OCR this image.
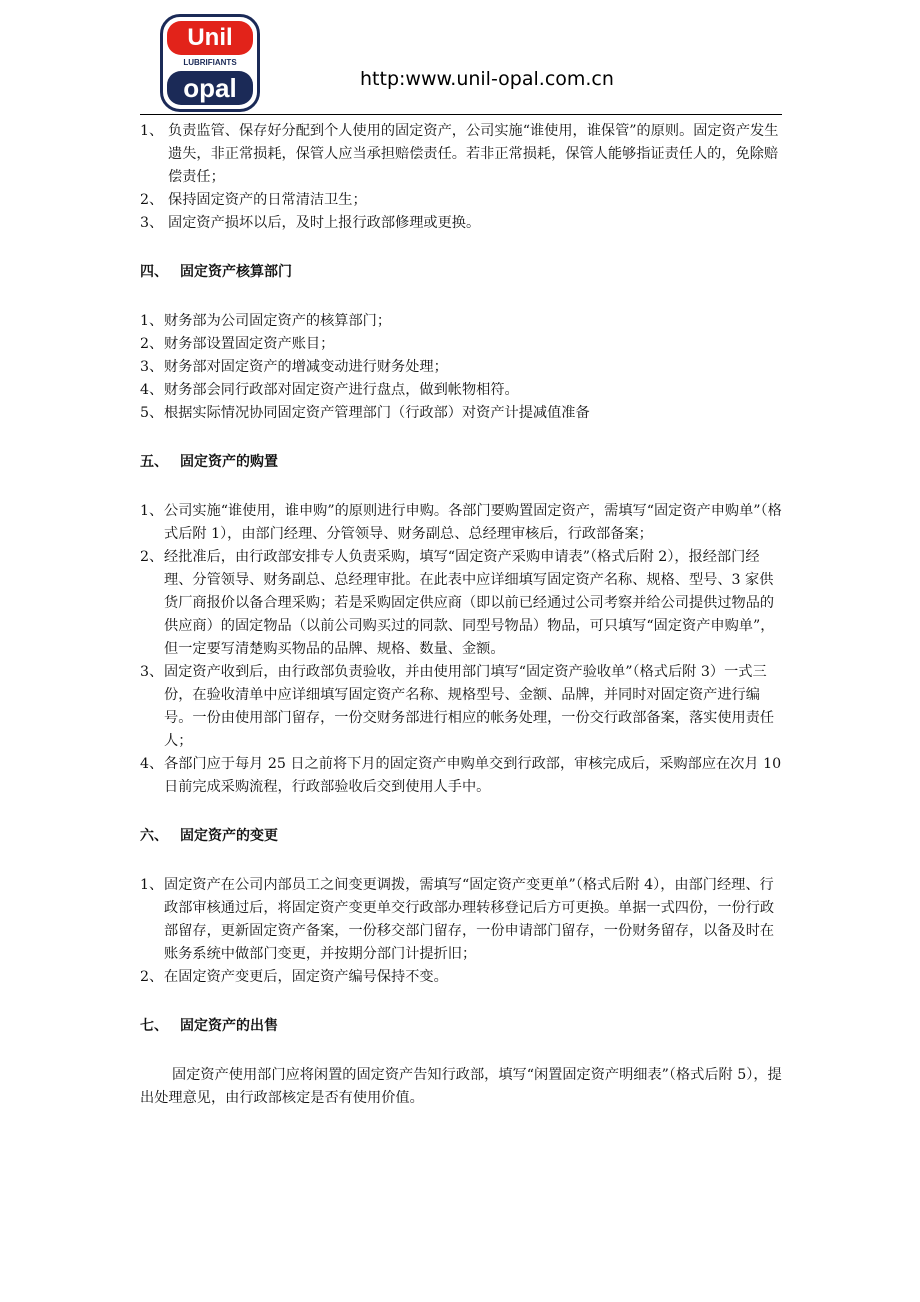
Unil
LUBRIFIANTS
opal	http:www.unil-opal.com.cn
1、 负责监管、保存好分配到个人使用的固定资产，公司实施“谁使用，谁保管”的原则。固定资产发生遗失，非正常损耗，保管人应当承担赔偿责任。若非正常损耗，保管人能够指证责任人的，免除赔偿责任；
2、 保持固定资产的日常清洁卫生；
3、 固定资产损坏以后，及时上报行政部修理或更换。
四、 固定资产核算部门
1、 财务部为公司固定资产的核算部门；
2、 财务部设置固定资产账目；
3、 财务部对固定资产的增减变动进行财务处理；
4、 财务部会同行政部对固定资产进行盘点，做到帐物相符。
5、 根据实际情况协同固定资产管理部门（行政部）对资产计提减值准备
五、 固定资产的购置
1、 公司实施“谁使用，谁申购”的原则进行申购。各部门要购置固定资产，需填写“固定资产申购单”（格式后附 1），由部门经理、分管领导、财务副总、总经理审核后，行政部备案；
2、 经批准后，由行政部安排专人负责采购，填写“固定资产采购申请表”（格式后附 2），报经部门经理、分管领导、财务副总、总经理审批。在此表中应详细填写固定资产名称、规格、型号、3 家供货厂商报价以备合理采购；若是采购固定供应商（即以前已经通过公司考察并给公司提供过物品的供应商）的固定物品（以前公司购买过的同款、同型号物品）物品，可只填写“固定资产申购单”，但一定要写清楚购买物品的品牌、规格、数量、金额。
3、 固定资产收到后，由行政部负责验收，并由使用部门填写“固定资产验收单”（格式后附 3）一式三份，在验收清单中应详细填写固定资产名称、规格型号、金额、品牌，并同时对固定资产进行编号。一份由使用部门留存，一份交财务部进行相应的帐务处理，一份交行政部备案，落实使用责任人；
4、 各部门应于每月 25 日之前将下月的固定资产申购单交到行政部，审核完成后，采购部应在次月 10 日前完成采购流程，行政部验收后交到使用人手中。
六、 固定资产的变更
1、 固定资产在公司内部员工之间变更调拨，需填写“固定资产变更单”（格式后附 4），由部门经理、行政部审核通过后，将固定资产变更单交行政部办理转移登记后方可更换。单据一式四份，一份行政部留存，更新固定资产备案，一份移交部门留存，一份申请部门留存，一份财务留存，以备及时在账务系统中做部门变更，并按期分部门计提折旧；
2、 在固定资产变更后，固定资产编号保持不变。
七、 固定资产的出售
固定资产使用部门应将闲置的固定资产告知行政部，填写“闲置固定资产明细表”（格式后附 5），提出处理意见，由行政部核定是否有使用价值。
